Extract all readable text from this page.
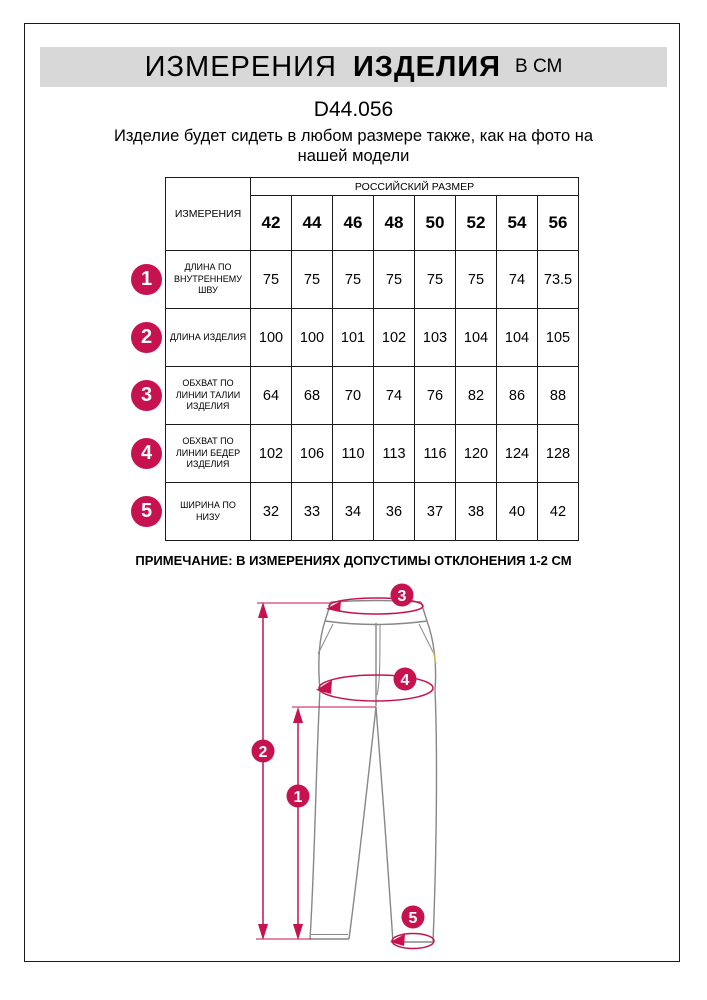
ИЗМЕРЕНИЯ ИЗДЕЛИЯ В СМ
D44.056
Изделие будет сидеть в любом размере также, как на фото на нашей модели
ИЗМЕРЕНИЯ	РОССИЙСКИЙ РАЗМЕР							
	42	44	46	48	50	52	54	56
ДЛИНА ПО ВНУТРЕННЕМУ ШВУ	75	75	75	75	75	75	74	73.5
ДЛИНА ИЗДЕЛИЯ	100	100	101	102	103	104	104	105
ОБХВАТ ПО ЛИНИИ ТАЛИИ ИЗДЕЛИЯ	64	68	70	74	76	82	86	88
ОБХВАТ ПО ЛИНИИ БЕДЕР ИЗДЕЛИЯ	102	106	110	113	116	120	124	128
ШИРИНА ПО НИЗУ	32	33	34	36	37	38	40	42
1
2
3
4
5
ПРИМЕЧАНИЕ: В ИЗМЕРЕНИЯХ ДОПУСТИМЫ ОТКЛОНЕНИЯ 1-2 СМ
1
2
3
4
5
